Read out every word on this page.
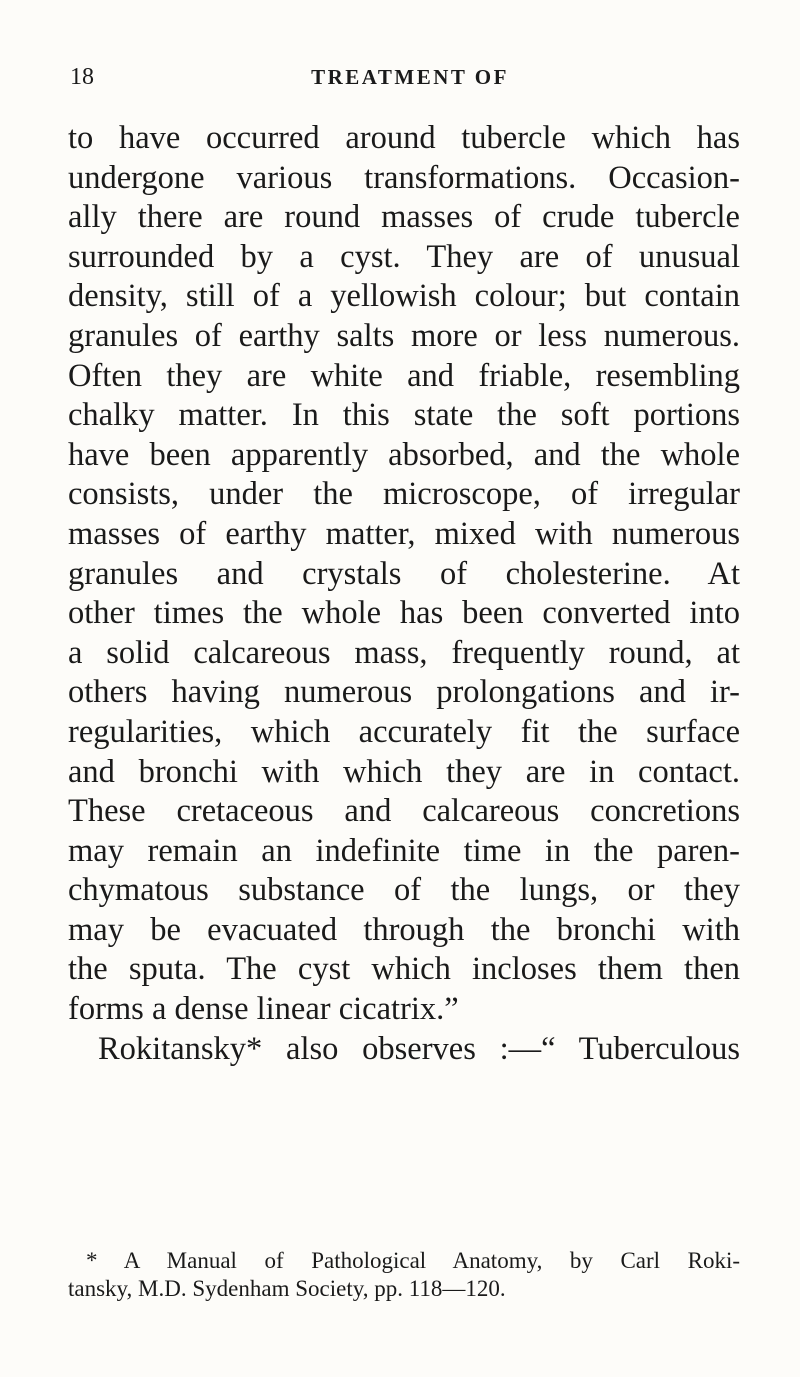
18	TREATMENT OF
to have occurred around tubercle which has
undergone various transformations. Occasion-
ally there are round masses of crude tubercle
surrounded by a cyst. They are of unusual
density, still of a yellowish colour; but contain
granules of earthy salts more or less numerous.
Often they are white and friable, resembling
chalky matter. In this state the soft portions
have been apparently absorbed, and the whole
consists, under the microscope, of irregular
masses of earthy matter, mixed with numerous
granules and crystals of cholesterine. At
other times the whole has been converted into
a solid calcareous mass, frequently round, at
others having numerous prolongations and ir-
regularities, which accurately fit the surface
and bronchi with which they are in contact.
These cretaceous and calcareous concretions
may remain an indefinite time in the paren-
chymatous substance of the lungs, or they
may be evacuated through the bronchi with
the sputa. The cyst which incloses them then
forms a dense linear cicatrix.”
Rokitansky* also observes :—“ Tuberculous
* A Manual of Pathological Anatomy, by Carl Roki-
tansky, M.D. Sydenham Society, pp. 118—120.
